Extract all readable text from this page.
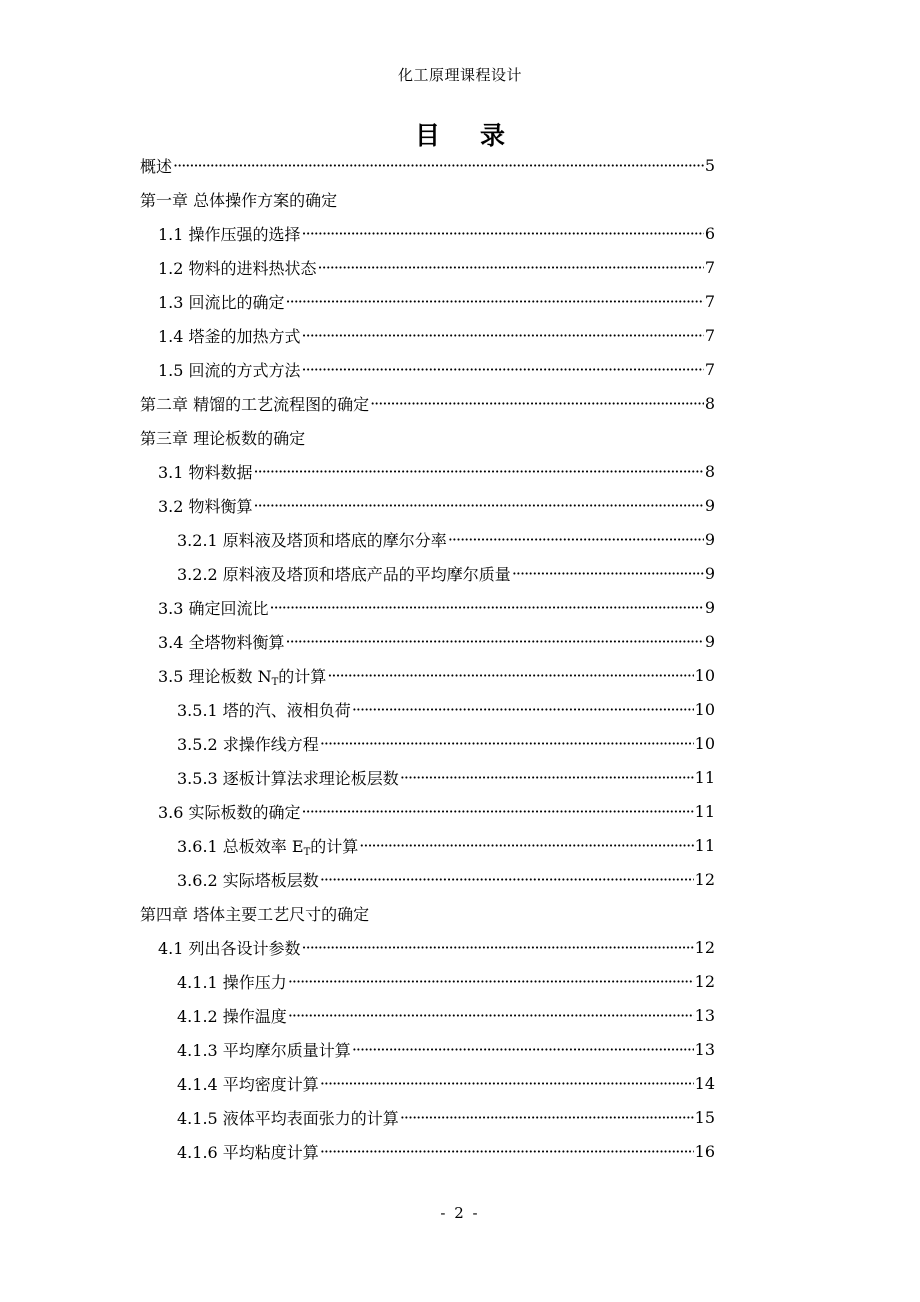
化工原理课程设计
目录
概述 ·····	5
第一章 总体操作方案的确定
1.1 操作压强的选择 ·····	6
1.2 物料的进料热状态 ·····	7
1.3 回流比的确定 ·····	7
1.4 塔釜的加热方式 ·····	7
1.5 回流的方式方法 ·····	7
第二章 精馏的工艺流程图的确定 ·····	8
第三章 理论板数的确定
3.1 物料数据 ·····	8
3.2 物料衡算 ·····	9
3.2.1 原料液及塔顶和塔底的摩尔分率 ·····	9
3.2.2 原料液及塔顶和塔底产品的平均摩尔质量 ·····	9
3.3 确定回流比 ·····	9
3.4 全塔物料衡算 ·····	9
3.5 理论板数 $N_T$的计算 ·····	10
3.5.1 塔的汽、液相负荷 ·····	10
3.5.2 求操作线方程 ·····	10
3.5.3 逐板计算法求理论板层数 ·····	11
3.6 实际板数的确定 ·····	11
3.6.1 总板效率 $E_T$的计算 ·····	11
3.6.2 实际塔板层数 ·····	12
第四章 塔体主要工艺尺寸的确定
4.1 列出各设计参数 ·····	12
4.1.1 操作压力 ·····	12
4.1.2 操作温度 ·····	13
4.1.3 平均摩尔质量计算 ·····	13
4.1.4 平均密度计算 ·····	14
4.1.5 液体平均表面张力的计算 ·····	15
4.1.6 平均粘度计算 ·····	16
- 2 -
